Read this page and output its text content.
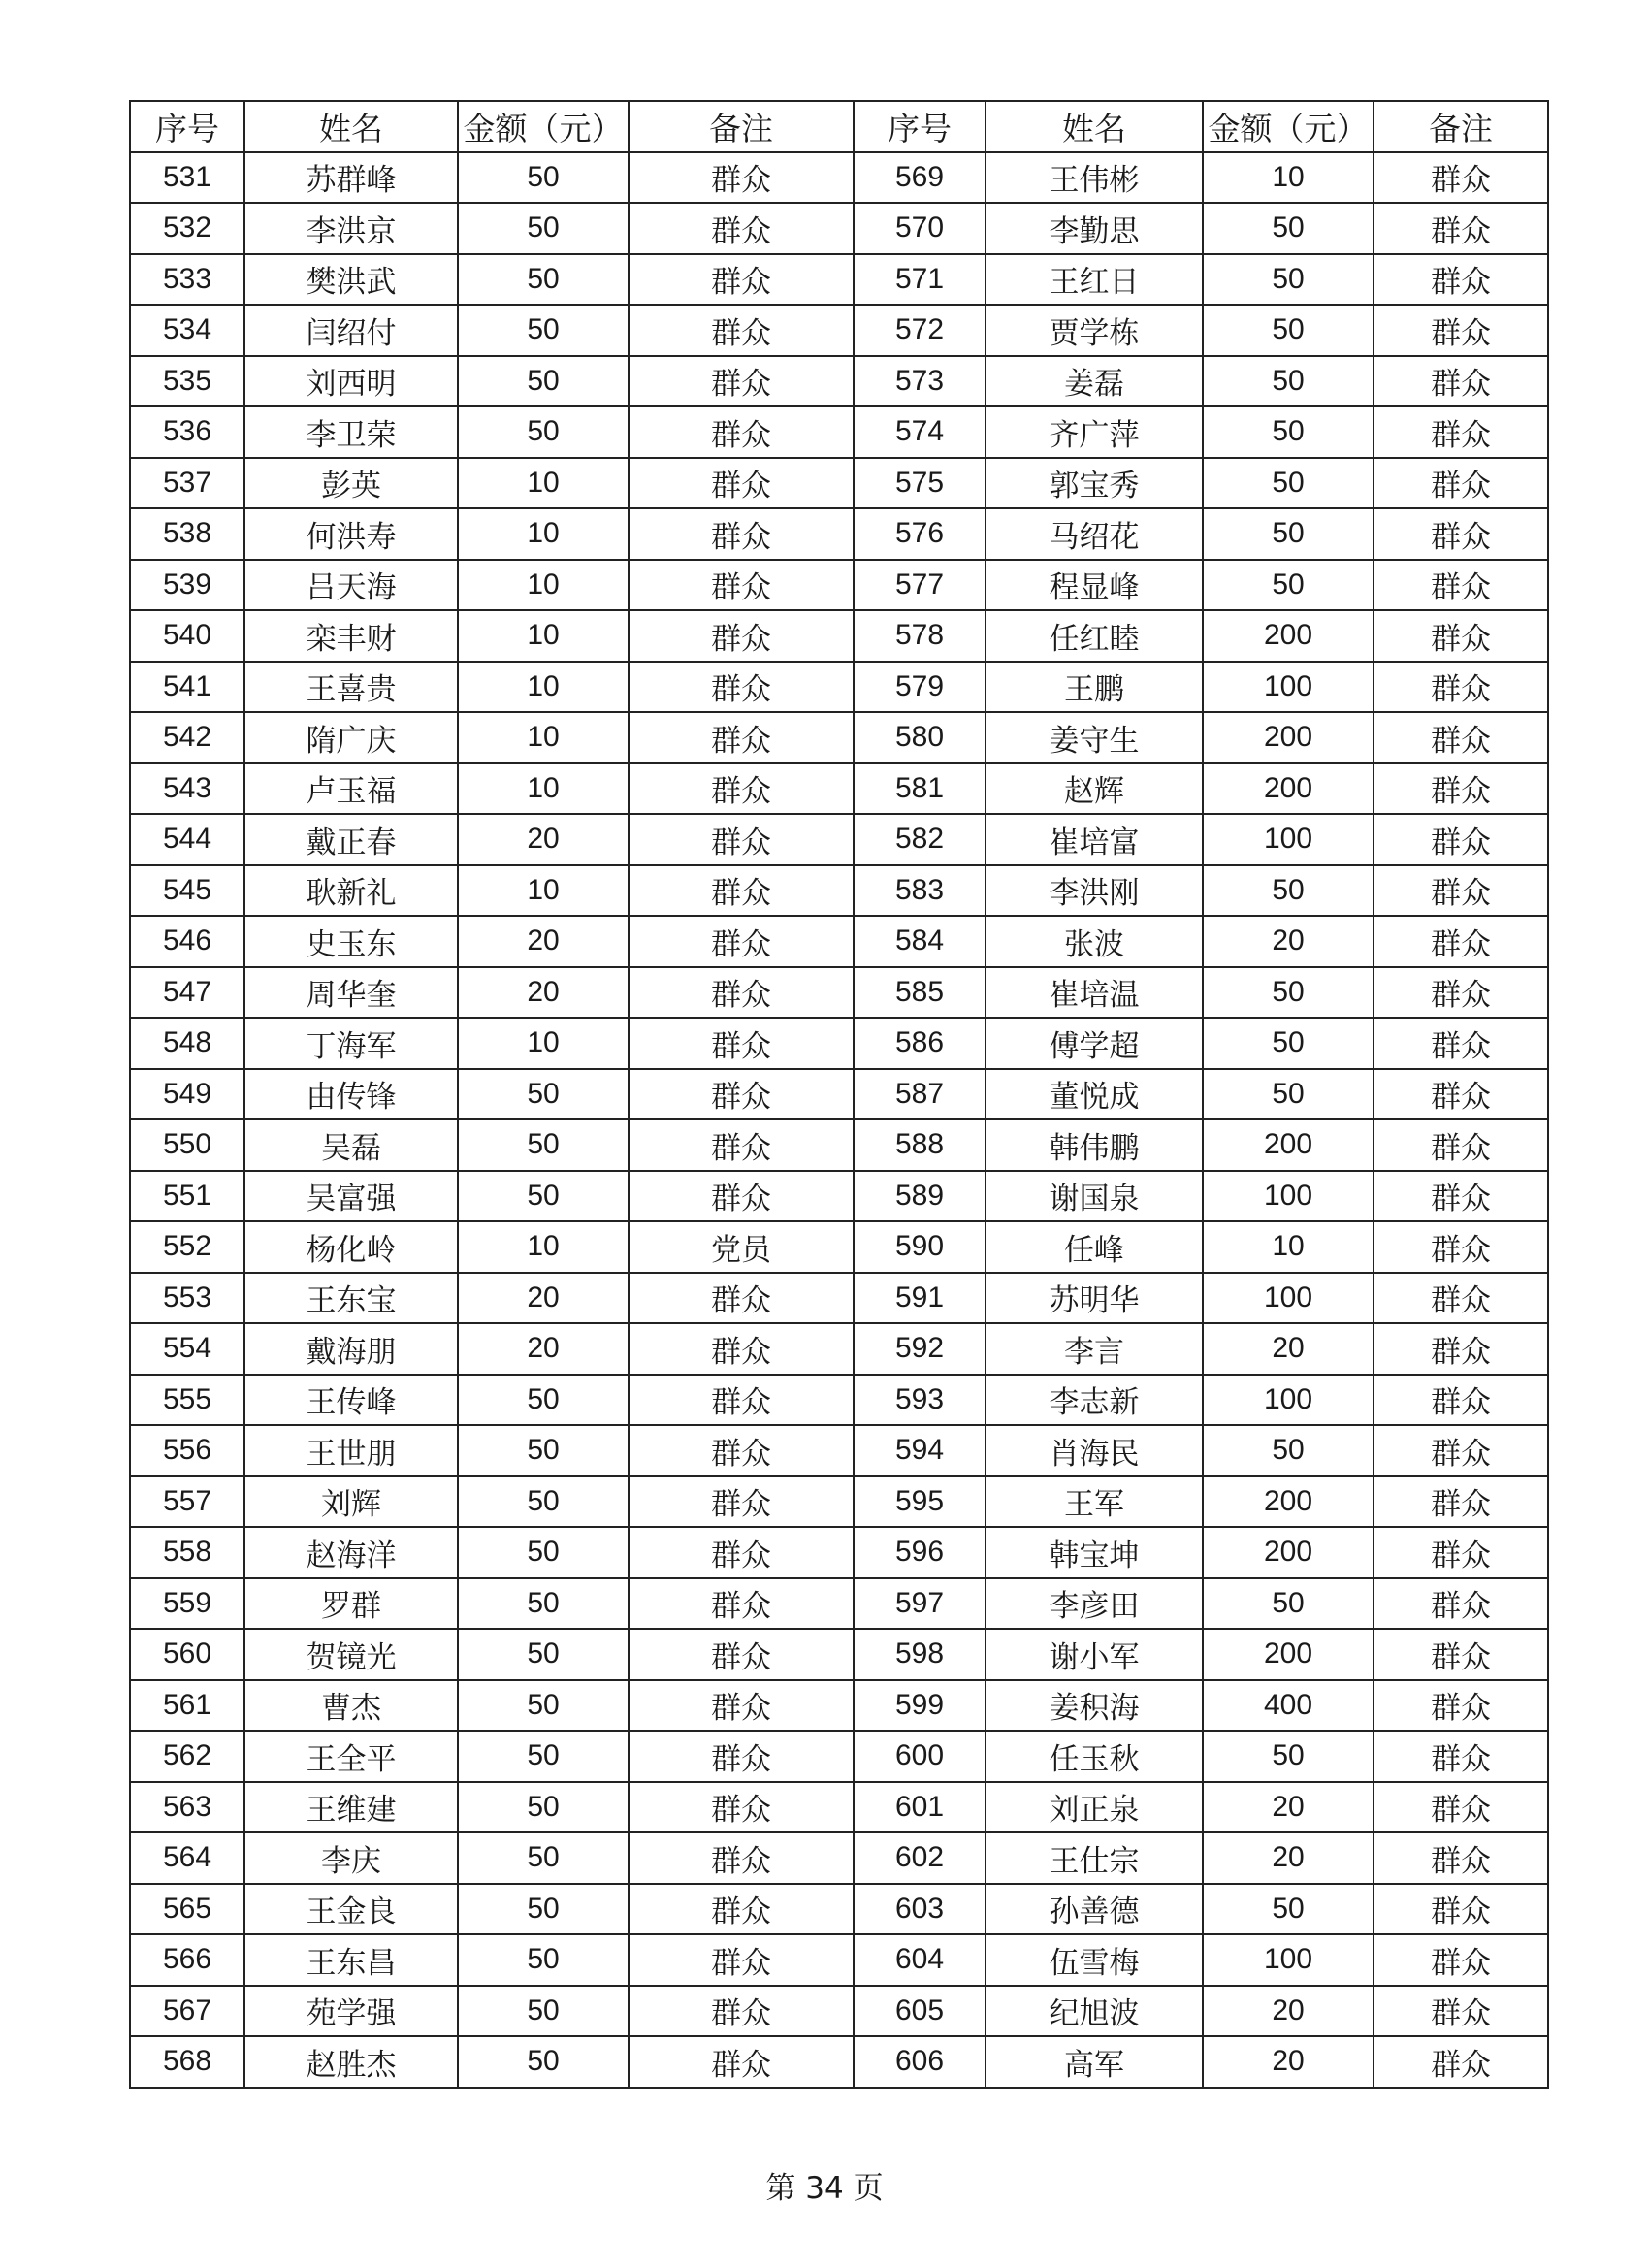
序号	姓名	金额（元）	备注	序号	姓名	金额（元）	备注
531	苏群峰	50	群众	569	王伟彬	10	群众
532	李洪京	50	群众	570	李勤思	50	群众
533	樊洪武	50	群众	571	王红日	50	群众
534	闫绍付	50	群众	572	贾学栋	50	群众
535	刘西明	50	群众	573	姜磊	50	群众
536	李卫荣	50	群众	574	齐广萍	50	群众
537	彭英	10	群众	575	郭宝秀	50	群众
538	何洪寿	10	群众	576	马绍花	50	群众
539	吕天海	10	群众	577	程显峰	50	群众
540	栾丰财	10	群众	578	任红睦	200	群众
541	王喜贵	10	群众	579	王鹏	100	群众
542	隋广庆	10	群众	580	姜守生	200	群众
543	卢玉福	10	群众	581	赵辉	200	群众
544	戴正春	20	群众	582	崔培富	100	群众
545	耿新礼	10	群众	583	李洪刚	50	群众
546	史玉东	20	群众	584	张波	20	群众
547	周华奎	20	群众	585	崔培温	50	群众
548	丁海军	10	群众	586	傅学超	50	群众
549	由传锋	50	群众	587	董悦成	50	群众
550	吴磊	50	群众	588	韩伟鹏	200	群众
551	吴富强	50	群众	589	谢国泉	100	群众
552	杨化岭	10	党员	590	任峰	10	群众
553	王东宝	20	群众	591	苏明华	100	群众
554	戴海朋	20	群众	592	李言	20	群众
555	王传峰	50	群众	593	李志新	100	群众
556	王世朋	50	群众	594	肖海民	50	群众
557	刘辉	50	群众	595	王军	200	群众
558	赵海洋	50	群众	596	韩宝坤	200	群众
559	罗群	50	群众	597	李彦田	50	群众
560	贺镜光	50	群众	598	谢小军	200	群众
561	曹杰	50	群众	599	姜积海	400	群众
562	王全平	50	群众	600	任玉秋	50	群众
563	王维建	50	群众	601	刘正泉	20	群众
564	李庆	50	群众	602	王仕宗	20	群众
565	王金良	50	群众	603	孙善德	50	群众
566	王东昌	50	群众	604	伍雪梅	100	群众
567	苑学强	50	群众	605	纪旭波	20	群众
568	赵胜杰	50	群众	606	高军	20	群众
第 34 页
